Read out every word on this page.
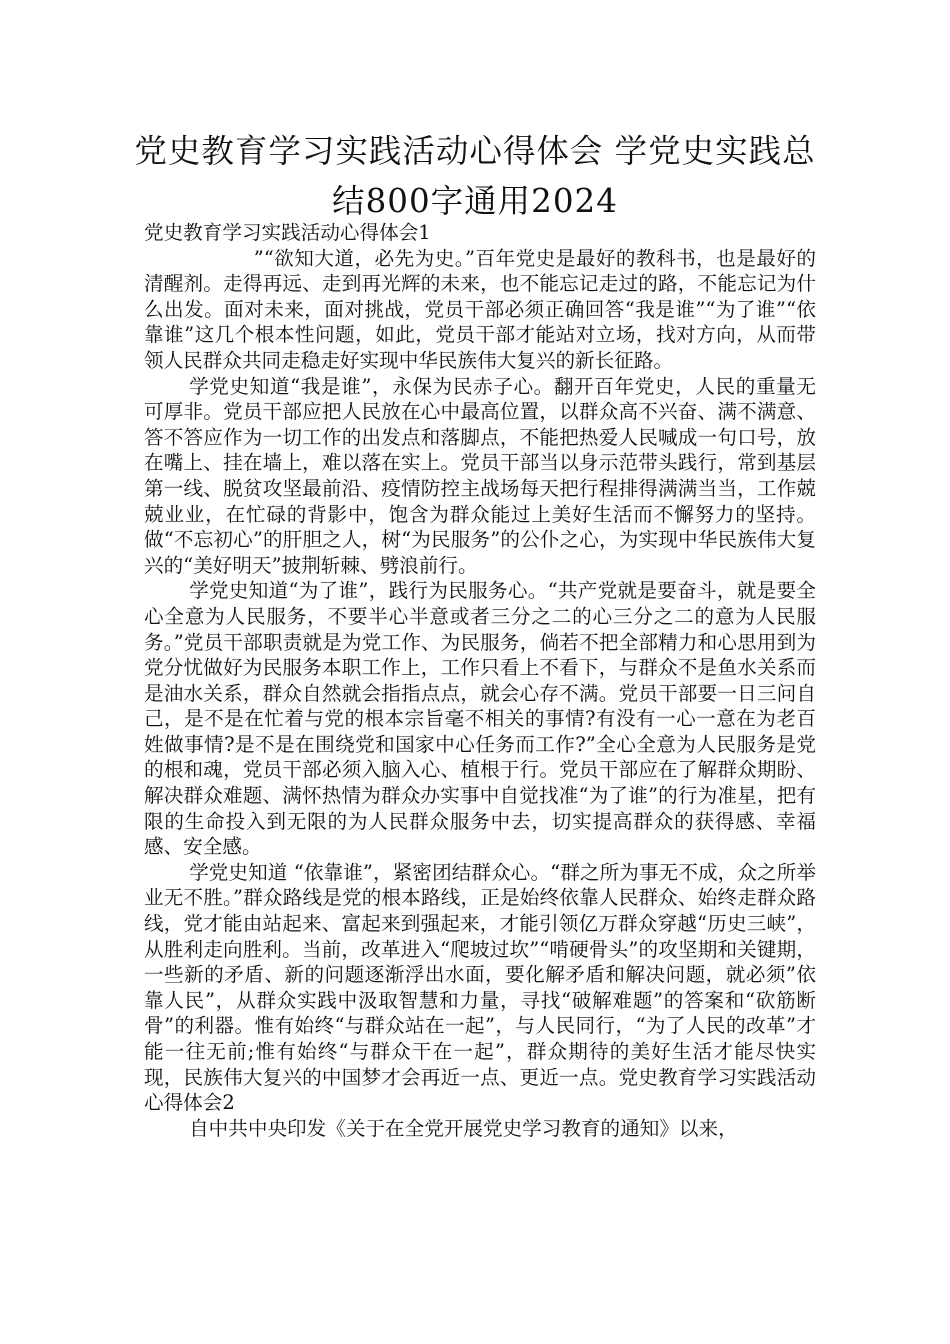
党史教育学习实践活动心得体会 学党史实践总结800字通用2024

党史教育学习实践活动心得体会1

”“欲知大道，必先为史。”百年党史是最好的教科书，也是最好的清醒剂。走得再远、走到再光辉的未来，也不能忘记走过的路，不能忘记为什么出发。面对未来，面对挑战，党员干部必须正确回答“我是谁”“为了谁”“依靠谁”这几个根本性问题，如此，党员干部才能站对立场，找对方向，从而带领人民群众共同走稳走好实现中华民族伟大复兴的新长征路。

学党史知道“我是谁”，永保为民赤子心。翻开百年党史，人民的重量无可厚非。党员干部应把人民放在心中最高位置，以群众高不兴奋、满不满意、答不答应作为一切工作的出发点和落脚点，不能把热爱人民喊成一句口号，放在嘴上、挂在墙上，难以落在实上。党员干部当以身示范带头践行，常到基层第一线、脱贫攻坚最前沿、疫情防控主战场每天把行程排得满满当当，工作兢兢业业，在忙碌的背影中，饱含为群众能过上美好生活而不懈努力的坚持。做“不忘初心”的肝胆之人，树“为民服务”的公仆之心，为实现中华民族伟大复兴的“美好明天”披荆斩棘、劈浪前行。

学党史知道“为了谁”，践行为民服务心。“共产党就是要奋斗，就是要全心全意为人民服务，不要半心半意或者三分之二的心三分之二的意为人民服务。”党员干部职责就是为党工作、为民服务，倘若不把全部精力和心思用到为党分忧做好为民服务本职工作上，工作只看上不看下，与群众不是鱼水关系而是油水关系，群众自然就会指指点点，就会心存不满。党员干部要一日三问自己，是不是在忙着与党的根本宗旨毫不相关的事情?有没有一心一意在为老百姓做事情?是不是在围绕党和国家中心任务而工作?”全心全意为人民服务是党的根和魂，党员干部必须入脑入心、植根于行。党员干部应在了解群众期盼、解决群众难题、满怀热情为群众办实事中自觉找准“为了谁”的行为准星，把有限的生命投入到无限的为人民群众服务中去，切实提高群众的获得感、幸福感、安全感。

学党史知道 “依靠谁”，紧密团结群众心。“群之所为事无不成，众之所举业无不胜。”群众路线是党的根本路线，正是始终依靠人民群众、始终走群众路线，党才能由站起来、富起来到强起来，才能引领亿万群众穿越“历史三峡”，从胜利走向胜利。当前，改革进入“爬坡过坎”“啃硬骨头”的攻坚期和关键期，一些新的矛盾、新的问题逐渐浮出水面，要化解矛盾和解决问题，就必须”依靠人民”，从群众实践中汲取智慧和力量，寻找“破解难题”的答案和“砍筋断骨”的利器。惟有始终“与群众站在一起”，与人民同行，“为了人民的改革”才能一往无前;惟有始终“与群众干在一起”，群众期待的美好生活才能尽快实现，民族伟大复兴的中国梦才会再近一点、更近一点。党史教育学习实践活动心得体会2

自中共中央印发《关于在全党开展党史学习教育的通知》以来，
